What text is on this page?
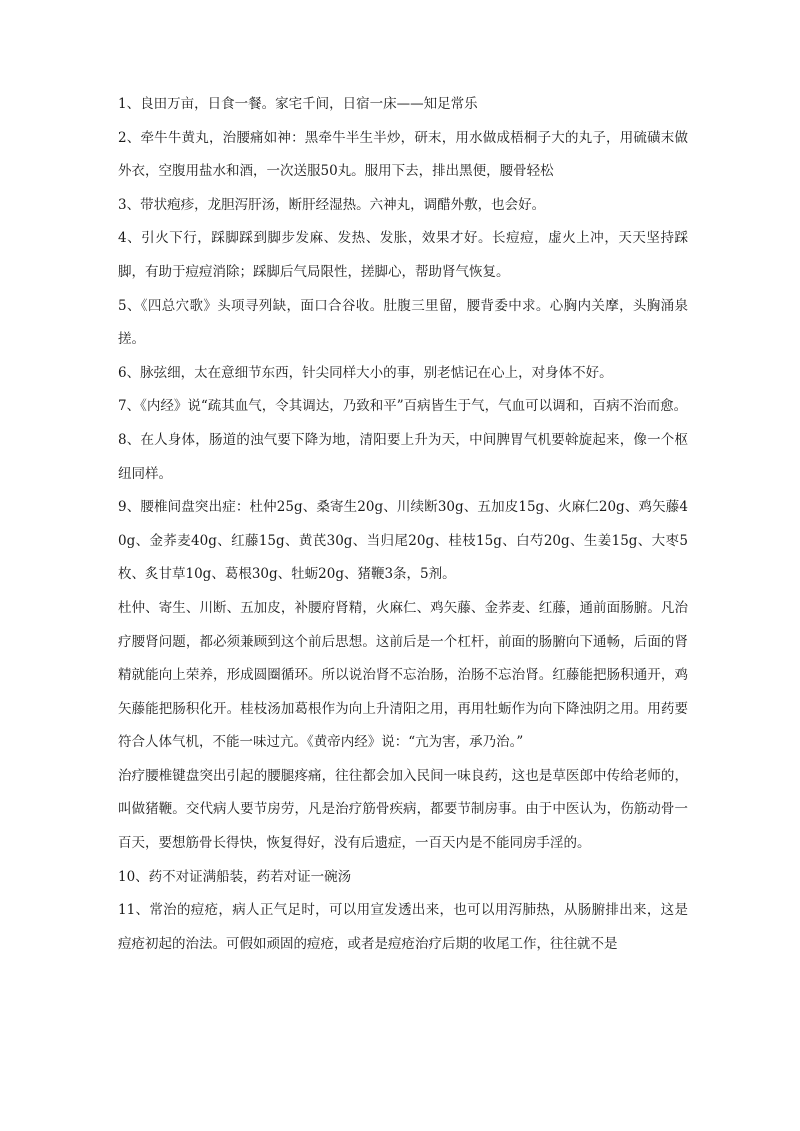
1、良田万亩，日食一餐。家宅千间，日宿一床——知足常乐

2、牵牛牛黄丸，治腰痛如神：黑牵牛半生半炒，研末，用水做成梧桐子大的丸子，用硫磺末做外衣，空腹用盐水和酒，一次送服50丸。服用下去，排出黑便，腰骨轻松

3、带状疱疹，龙胆泻肝汤，断肝经湿热。六神丸，调醋外敷，也会好。

4、引火下行，踩脚踩到脚步发麻、发热、发胀，效果才好。长痘痘，虚火上冲，天天坚持踩脚，有助于痘痘消除；踩脚后气局限性，搓脚心，帮助肾气恢复。

5、《四总穴歌》头项寻列缺，面口合谷收。肚腹三里留，腰背委中求。心胸内关摩，头胸涌泉搓。

6、脉弦细，太在意细节东西，针尖同样大小的事，别老惦记在心上，对身体不好。

7、《内经》说“疏其血气，令其调达，乃致和平”百病皆生于气，气血可以调和，百病不治而愈。

8、在人身体，肠道的浊气要下降为地，清阳要上升为天，中间脾胃气机要斡旋起来，像一个枢纽同样。

9、腰椎间盘突出症：杜仲25g、桑寄生20g、川续断30g、五加皮15g、火麻仁20g、鸡矢藤40g、金荞麦40g、红藤15g、黄芪30g、当归尾20g、桂枝15g、白芍20g、生姜15g、大枣5枚、炙甘草10g、葛根30g、牡蛎20g、猪鞭3条，5剂。

杜仲、寄生、川断、五加皮，补腰府肾精，火麻仁、鸡矢藤、金荞麦、红藤，通前面肠腑。凡治疗腰肾问题，都必须兼顾到这个前后思想。这前后是一个杠杆，前面的肠腑向下通畅，后面的肾精就能向上荣养，形成圆圈循环。所以说治肾不忘治肠，治肠不忘治肾。红藤能把肠积通开，鸡矢藤能把肠积化开。桂枝汤加葛根作为向上升清阳之用，再用牡蛎作为向下降浊阴之用。用药要符合人体气机，不能一味过亢。《黄帝内经》说：“亢为害，承乃治。”

治疗腰椎键盘突出引起的腰腿疼痛，往往都会加入民间一味良药，这也是草医郎中传给老师的，叫做猪鞭。交代病人要节房劳，凡是治疗筋骨疾病，都要节制房事。由于中医认为，伤筋动骨一百天，要想筋骨长得快，恢复得好，没有后遗症，一百天内是不能同房手淫的。

10、药不对证满船装，药若对证一碗汤

11、常治的痘疮，病人正气足时，可以用宣发透出来，也可以用泻肺热，从肠腑排出来，这是痘疮初起的治法。可假如顽固的痘疮，或者是痘疮治疗后期的收尾工作，往往就不是
